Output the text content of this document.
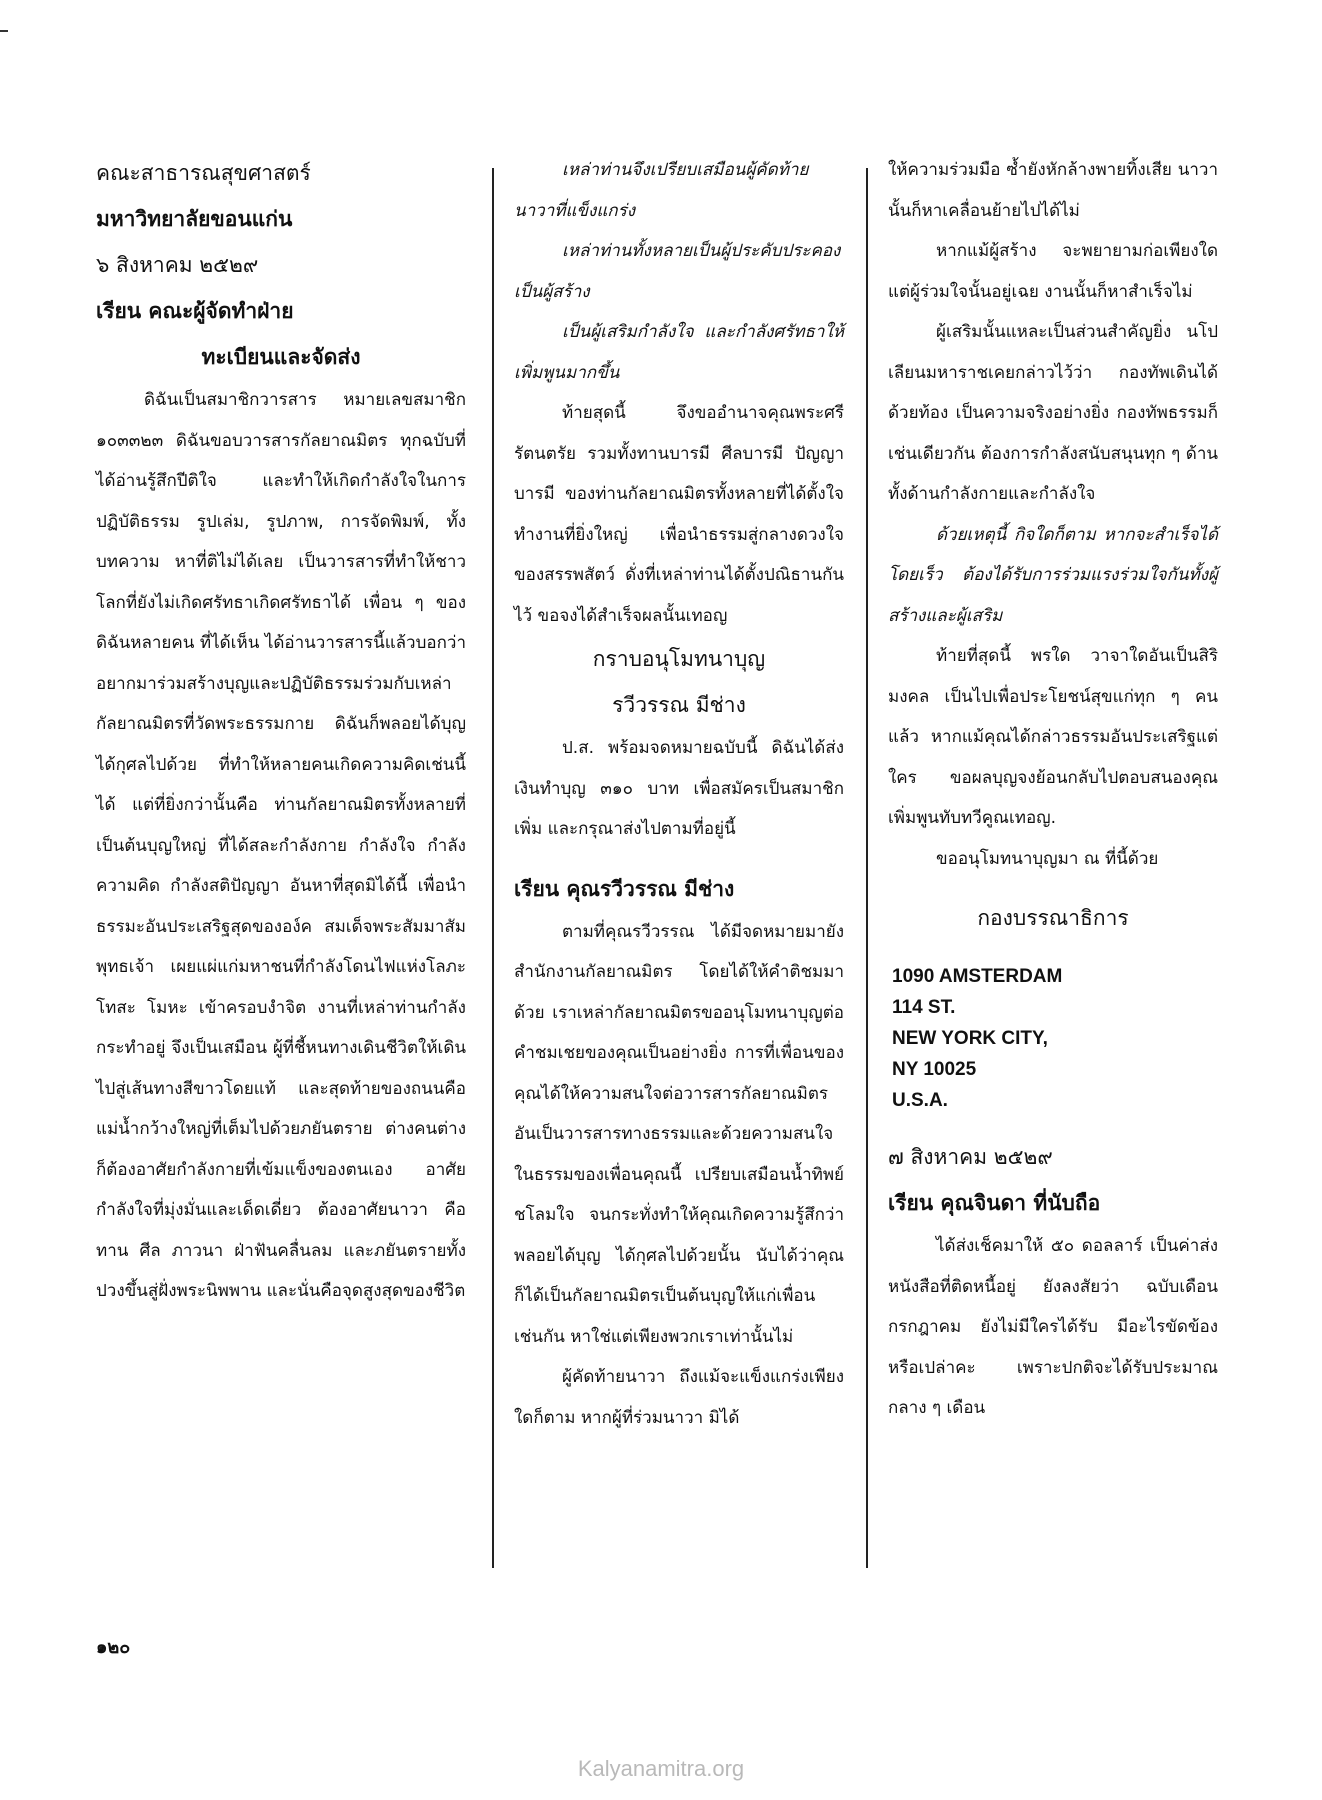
คณะสาธารณสุขศาสตร์

มหาวิทยาลัยขอนแก่น

๖ สิงหาคม ๒๕๒๙

เรียน คณะผู้จัดทำฝ่าย

ทะเบียนและจัดส่ง

ดิฉันเป็นสมาชิกวารสาร หมายเลขสมาชิก ๑๐๓๓๒๓ ดิฉันขอบวารสารกัลยาณมิตร ทุกฉบับที่ได้อ่านรู้สึกปีติใจ และทำให้เกิดกำลังใจในการปฏิบัติธรรม รูปเล่ม, รูปภาพ, การจัดพิมพ์, ทั้งบทความ หาที่ติไม่ได้เลย เป็นวารสารที่ทำให้ชาวโลกที่ยังไม่เกิดศรัทธาเกิดศรัทธาได้ เพื่อน ๆ ของดิฉันหลายคน ที่ได้เห็น ได้อ่านวารสารนี้แล้วบอกว่า อยากมาร่วมสร้างบุญและปฏิบัติธรรมร่วมกับเหล่ากัลยาณมิตรที่วัดพระธรรมกาย ดิฉันก็พลอยได้บุญได้กุศลไปด้วย ที่ทำให้หลายคนเกิดความคิดเช่นนี้ได้ แต่ที่ยิ่งกว่านั้นคือ ท่านกัลยาณมิตรทั้งหลายที่เป็นต้นบุญใหญ่ ที่ได้สละกำลังกาย กำลังใจ กำลังความคิด กำลังสติปัญญา อันหาที่สุดมิได้นี้ เพื่อนำธรรมะอันประเสริฐสุดขององ์ค สมเด็จพระสัมมาสัมพุทธเจ้า เผยแผ่แก่มหาชนที่กำลังโดนไฟแห่งโลภะ โทสะ โมหะ เข้าครอบงำจิต งานที่เหล่าท่านกำลังกระทำอยู่ จึงเป็นเสมือน ผู้ที่ชี้หนทางเดินชีวิตให้เดินไปสู่เส้นทางสีขาวโดยแท้ และสุดท้ายของถนนคือ แม่น้ำกว้างใหญ่ที่เต็มไปด้วยภยันตราย ต่างคนต่างก็ต้องอาศัยกำลังกายที่เข้มแข็งของตนเอง อาศัยกำลังใจที่มุ่งมั่นและเด็ดเดี่ยว ต้องอาศัยนาวา คือ ทาน ศีล ภาวนา ฝ่าฟันคลื่นลม และภยันตรายทั้งปวงขึ้นสู่ฝั่งพระนิพพาน และนั่นคือจุดสูงสุดของชีวิต

เหล่าท่านจึงเปรียบเสมือนผู้คัดท้ายนาวาที่แข็งแกร่ง

เหล่าท่านทั้งหลายเป็นผู้ประคับประคอง เป็นผู้สร้าง

เป็นผู้เสริมกำลังใจ และกำลังศรัทธาให้เพิ่มพูนมากขึ้น

ท้ายสุดนี้ จึงขออำนาจคุณพระศรีรัตนตรัย รวมทั้งทานบารมี ศีลบารมี ปัญญาบารมี ของท่านกัลยาณมิตรทั้งหลายที่ได้ตั้งใจทำงานที่ยิ่งใหญ่ เพื่อนำธรรมสู่กลางดวงใจของสรรพสัตว์ ดั่งที่เหล่าท่านได้ตั้งปณิธานกันไว้ ขอจงได้สำเร็จผลนั้นเทอญ

กราบอนุโมทนาบุญ

รวีวรรณ มีช่าง

ป.ส. พร้อมจดหมายฉบับนี้ ดิฉันได้ส่งเงินทำบุญ ๓๑๐ บาท เพื่อสมัครเป็นสมาชิกเพิ่ม และกรุณาส่งไปตามที่อยู่นี้

เรียน คุณรวีวรรณ มีช่าง

ตามที่คุณรวีวรรณ ได้มีจดหมายมายังสำนักงานกัลยาณมิตร โดยได้ให้คำติชมมาด้วย เราเหล่ากัลยาณมิตรขออนุโมทนาบุญต่อคำชมเชยของคุณเป็นอย่างยิ่ง การที่เพื่อนของคุณได้ให้ความสนใจต่อวารสารกัลยาณมิตรอันเป็นวารสารทางธรรมและด้วยความสนใจในธรรมของเพื่อนคุณนี้ เปรียบเสมือนน้ำทิพย์ชโลมใจ จนกระทั่งทำให้คุณเกิดความรู้สึกว่าพลอยได้บุญ ได้กุศลไปด้วยนั้น นับได้ว่าคุณก็ได้เป็นกัลยาณมิตรเป็นต้นบุญให้แก่เพื่อนเช่นกัน หาใช่แต่เพียงพวกเราเท่านั้นไม่

ผู้คัดท้ายนาวา ถึงแม้จะแข็งแกร่งเพียงใดก็ตาม หากผู้ที่ร่วมนาวา มิได้

ให้ความร่วมมือ ซ้ำยังหักล้างพายทิ้งเสีย นาวานั้นก็หาเคลื่อนย้ายไปได้ไม่

หากแม้ผู้สร้าง จะพยายามก่อเพียงใด แต่ผู้ร่วมใจนั้นอยู่เฉย งานนั้นก็หาสำเร็จไม่

ผู้เสริมนั้นแหละเป็นส่วนสำคัญยิ่ง นโปเลียนมหาราชเคยกล่าวไว้ว่า กองทัพเดินได้ด้วยท้อง เป็นความจริงอย่างยิ่ง กองทัพธรรมก็เช่นเดียวกัน ต้องการกำลังสนับสนุนทุก ๆ ด้าน ทั้งด้านกำลังกายและกำลังใจ

ด้วยเหตุนี้ กิจใดก็ตาม หากจะสำเร็จได้โดยเร็ว ต้องได้รับการร่วมแรงร่วมใจกันทั้งผู้สร้างและผู้เสริม

ท้ายที่สุดนี้ พรใด วาจาใดอันเป็นสิริมงคล เป็นไปเพื่อประโยชน์สุขแก่ทุก ๆ คนแล้ว หากแม้คุณได้กล่าวธรรมอันประเสริฐแต่ใคร ขอผลบุญจงย้อนกลับไปตอบสนองคุณ เพิ่มพูนทับทวีคูณเทอญ.

ขออนุโมทนาบุญมา ณ ที่นี้ด้วย

กองบรรณาธิการ

1090 AMSTERDAM
114 ST.
NEW YORK CITY,
NY 10025
U.S.A.

๗ สิงหาคม ๒๕๒๙

เรียน คุณจินดา ที่นับถือ

ได้ส่งเช็คมาให้ ๕๐ ดอลลาร์ เป็นค่าส่งหนังสือที่ติดหนี้อยู่ ยังลงสัยว่า ฉบับเดือนกรกฎาคม ยังไม่มีใครได้รับ มีอะไรขัดข้องหรือเปล่าคะ เพราะปกติจะได้รับประมาณกลาง ๆ เดือน

๑๒๐
Kalyanamitra.org
